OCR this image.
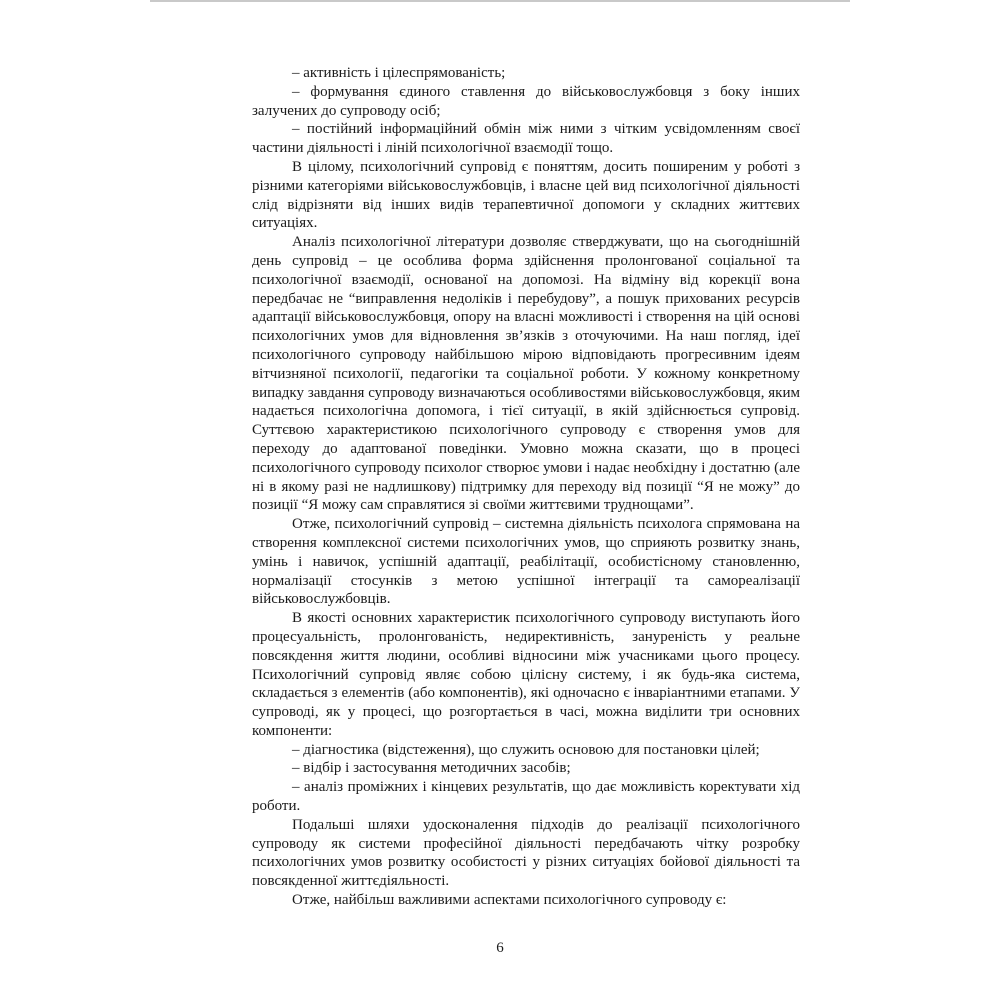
– активність і цілеспрямованість;

– формування єдиного ставлення до військовослужбовця з боку інших залучених до супроводу осіб;

– постійний інформаційний обмін між ними з чітким усвідомленням своєї частини діяльності і ліній психологічної взаємодії тощо.

В цілому, психологічний супровід є поняттям, досить поширеним у роботі з різними категоріями військовослужбовців, і власне цей вид психологічної діяльності слід відрізняти від інших видів терапевтичної допомоги у складних життєвих ситуаціях.

Аналіз психологічної літератури дозволяє стверджувати, що на сьогоднішній день супровід – це особлива форма здійснення пролонгованої соціальної та психологічної взаємодії, основаної на допомозі. На відміну від корекції вона передбачає не “виправлення недоліків і перебудову”, а пошук прихованих ресурсів адаптації військовослужбовця, опору на власні можливості і створення на цій основі психологічних умов для відновлення зв’язків з оточуючими. На наш погляд, ідеї психологічного супроводу найбільшою мірою відповідають прогресивним ідеям вітчизняної психології, педагогіки та соціальної роботи. У кожному конкретному випадку завдання супроводу визначаються особливостями військовослужбовця, яким надається психологічна допомога, і тієї ситуації, в якій здійснюється супровід. Суттєвою характеристикою психологічного супроводу є створення умов для переходу до адаптованої поведінки. Умовно можна сказати, що в процесі психологічного супроводу психолог створює умови і надає необхідну і достатню (але ні в якому разі не надлишкову) підтримку для переходу від позиції “Я не можу” до позиції “Я можу сам справлятися зі своїми життєвими труднощами”.

Отже, психологічний супровід – системна діяльність психолога спрямована на створення комплексної системи психологічних умов, що сприяють розвитку знань, умінь і навичок, успішній адаптації, реабілітації, особистісному становленню, нормалізації стосунків з метою успішної інтеграції та самореалізації військовослужбовців.

В якості основних характеристик психологічного супроводу виступають його процесуальність, пролонгованість, недирективність, зануреність у реальне повсякдення життя людини, особливі відносини між учасниками цього процесу. Психологічний супровід являє собою цілісну систему, і як будь-яка система, складається з елементів (або компонентів), які одночасно є інваріантними етапами. У супроводі, як у процесі, що розгортається в часі, можна виділити три основних компоненти:

– діагностика (відстеження), що служить основою для постановки цілей;

– відбір і застосування методичних засобів;

– аналіз проміжних і кінцевих результатів, що дає можливість коректувати хід роботи.

Подальші шляхи удосконалення підходів до реалізації психологічного супроводу як системи професійної діяльності передбачають чітку розробку психологічних умов розвитку особистості у різних ситуаціях бойової діяльності та повсякденної життєдіяльності.

Отже, найбільш важливими аспектами психологічного супроводу є:

6
